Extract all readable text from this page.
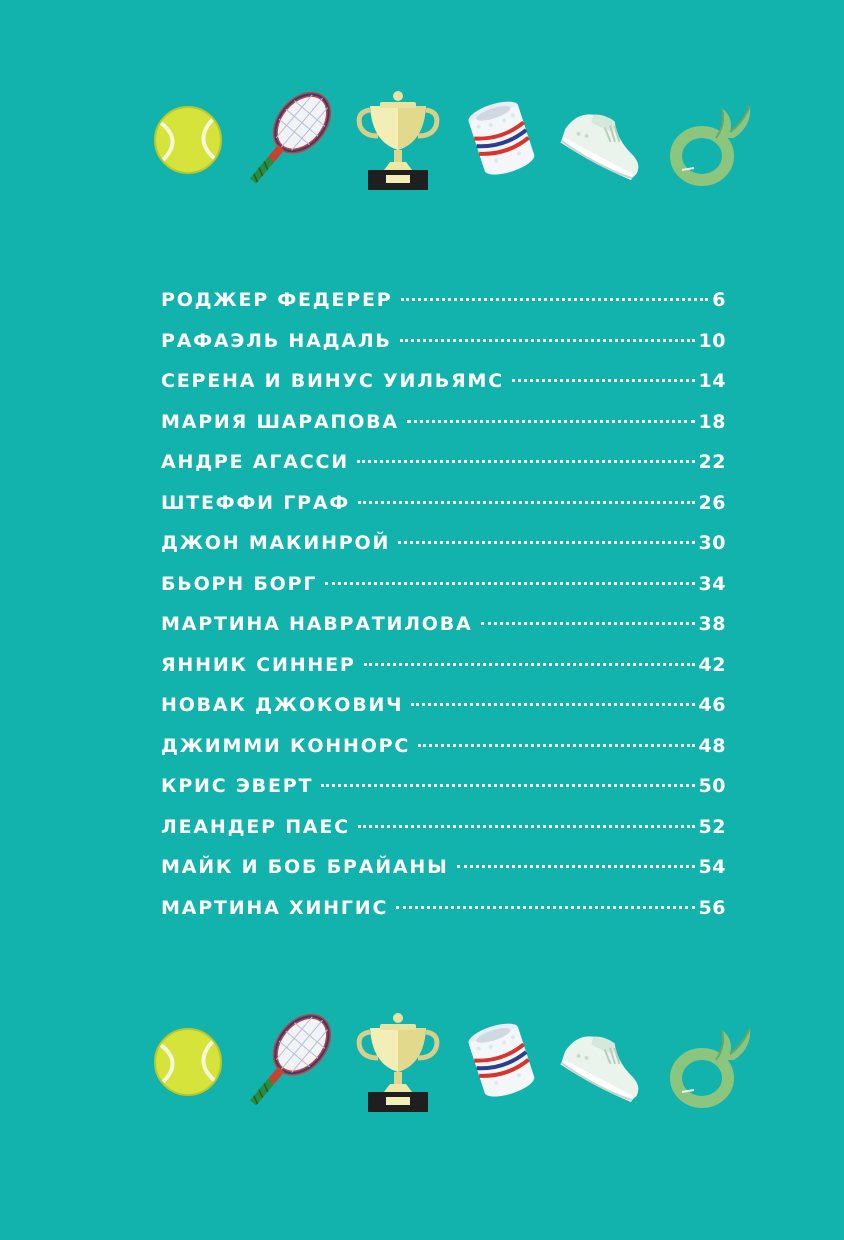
РОДЖЕР ФЕДЕРЕР	6
РАФАЭЛЬ НАДАЛЬ	10
СЕРЕНА И ВИНУС УИЛЬЯМС	14
МАРИЯ ШАРАПОВА	18
АНДРЕ АГАССИ	22
ШТЕФФИ ГРАФ	26
ДЖОН МАКИНРОЙ	30
БЬОРН БОРГ	34
МАРТИНА НАВРАТИЛОВА	38
ЯННИК СИННЕР	42
НОВАК ДЖОКОВИЧ	46
ДЖИММИ КОННОРС	48
КРИС ЭВЕРТ	50
ЛЕАНДЕР ПАЕС	52
МАЙК И БОБ БРАЙАНЫ	54
МАРТИНА ХИНГИС	56
